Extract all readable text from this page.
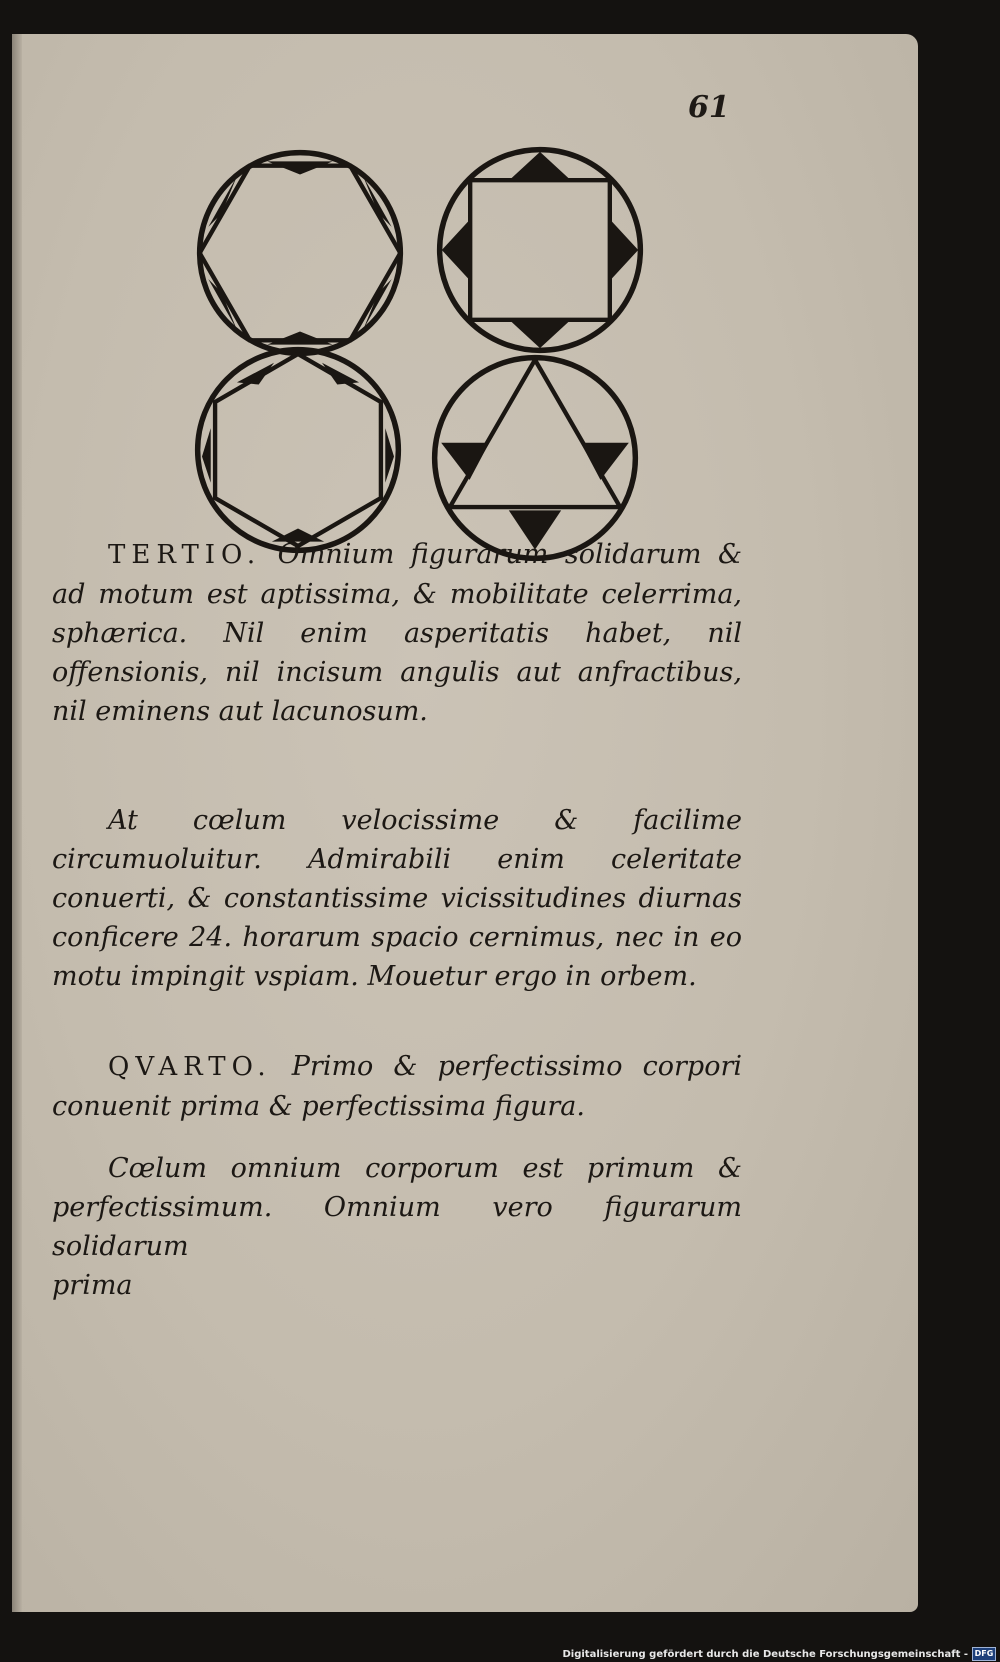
61
TERTIO. Omnium figurarum solidarum & ad motum est aptissima, & mobilitate celerrima, sphærica. Nil enim asperitatis habet, nil offensionis, nil incisum angulis aut anfractibus, nil eminens aut lacunosum.
At cœlum velocissime & facilime circumuoluitur. Admirabili enim celeritate conuerti, & constantissime vicissitudines diurnas conficere 24. horarum spacio cernimus, nec in eo motu impingit vspiam. Mouetur ergo in orbem.
QVARTO. Primo & perfectissimo corpori conuenit prima & perfectissima figura.
Cœlum omnium corporum est primum & perfectissimum. Omnium vero figurarum solidarum
prima
Digitalisierung gefördert durch die Deutsche Forschungsgemeinschaft - DFG
